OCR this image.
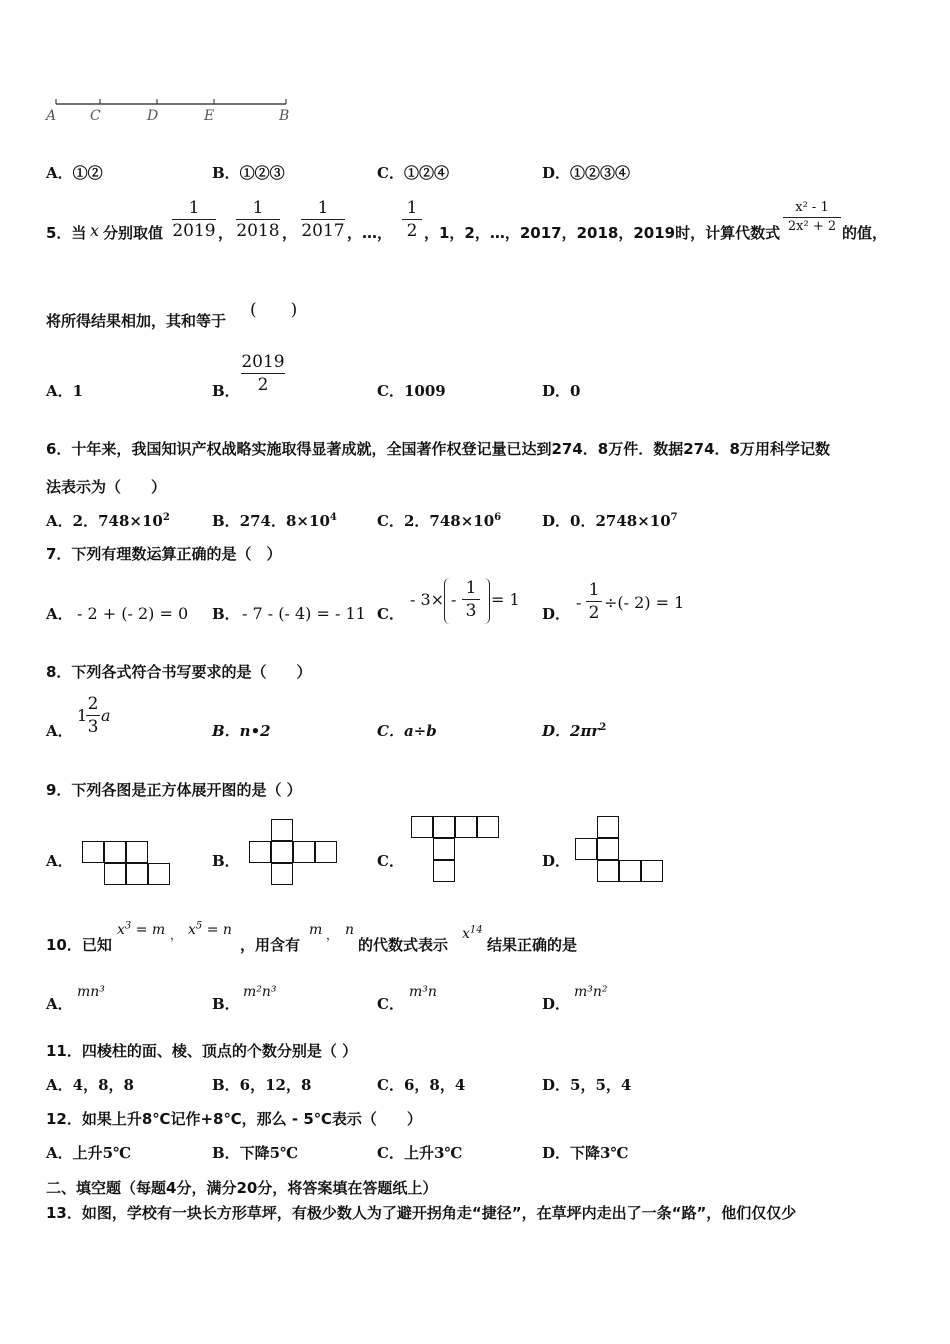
A C	D	E	B
A．①②	B．①②③	C．①②④	D．①②③④
5．当 x 分别取值
1
2019 ，
1
2018 ，
1
2017 ，…，
1
2 ，1，2，…，2017，2018，2019时，计算代数式
x² - 1
2x² + 2 的值，
将所得结果相加，其和等于
(　　)
A．1	B．
2019
2	C．1009	D．0
6．十年来，我国知识产权战略实施取得显著成就，全国著作权登记量已达到274．8万件．数据274．8万用科学记数
法表示为（　　）
A．2．$748\times 10^2$	B．274．$8\times 10^4$	C．2．$748\times 10^6$	D．0．$2748\times 10^7$
7．下列有理数运算正确的是（　）
A． - 2 + (- 2) = 0 B． - 7 - (- 4) = - 11 C．
- 3× -
1
3
= 1
D．
-
1
2
÷(- 2) = 1
8．下列各式符合书写要求的是（　　）
A．
1
2
3
a
B．n•2	C．a÷b	D．$2\pi r^2$
9．下列各图是正方体展开图的是（ ）
A．	B．	C．	D．
10．已知
$x^3 = m$ ， $x^5 = n$
，用含有
m ， n
的代数式表示
$x^{14}$
结果正确的是
A．
mn³
B．
m²n³
C．
m³n
D．
m³n²
11．四棱柱的面、棱、顶点的个数分别是（ ）
A．4，8，8	B．6，12，8	C．6，8，4	D．5，5，4
12．如果上升8℃记作+8℃，那么 - 5℃表示（　　）
A．上升5℃	B．下降5℃	C．上升3℃	D．下降3℃
二、填空题（每题4分，满分20分，将答案填在答题纸上）
13．如图，学校有一块长方形草坪，有极少数人为了避开拐角走“捷径”，在草坪内走出了一条“路”，他们仅仅少
